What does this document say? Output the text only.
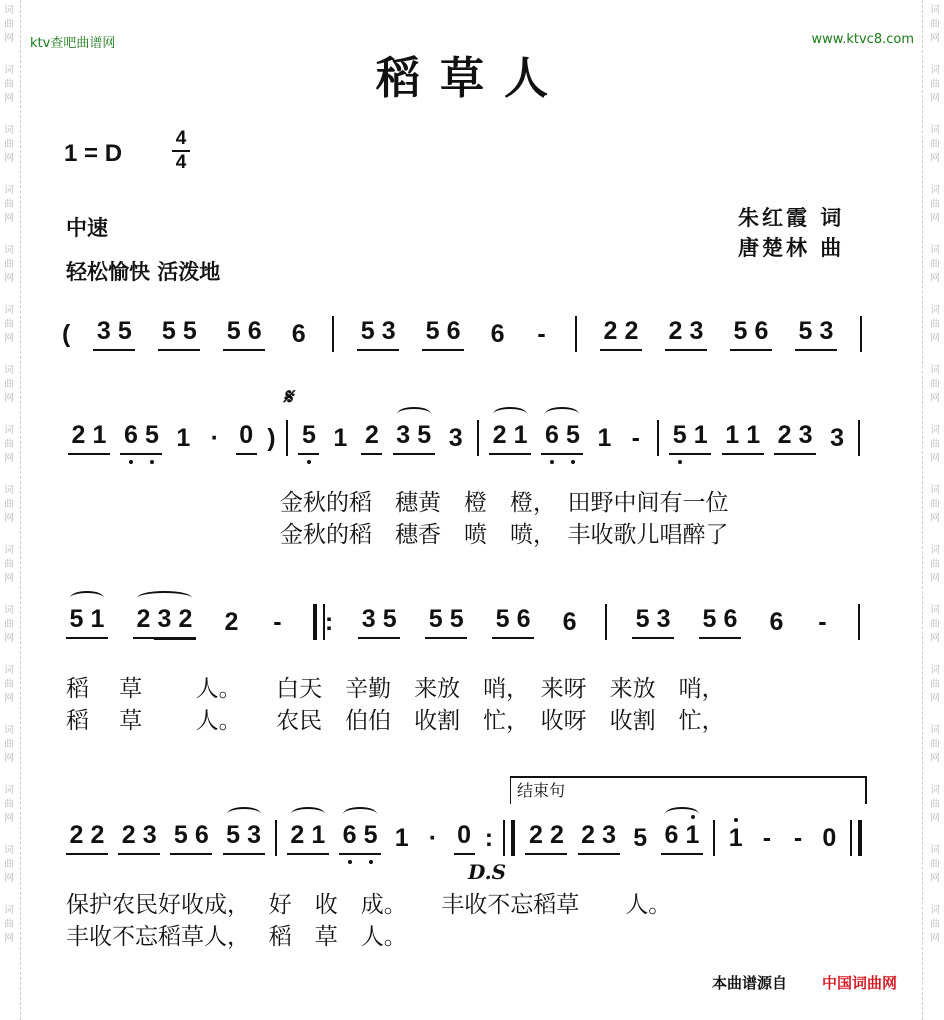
词
曲
网
词
曲
网
词
曲
网
词
曲
网
词
曲
网
词
曲
网
词
曲
网
词
曲
网
词
曲
网
词
曲
网
词
曲
网
词
曲
网
词
曲
网
词
曲
网
词
曲
网
词
曲
网
词
曲
网
词
曲
网
词
曲
网
词
曲
网
词
曲
网
词
曲
网
词
曲
网
词
曲
网
词
曲
网
词
曲
网
词
曲
网
词
曲
网
词
曲
网
词
曲
网
词
曲
网
词
曲
网
ktv查吧曲谱网	www.ktvc8.com
稻草人
1 = D
4
4
中速
轻松愉快 活泼地
朱红霞 词
唐楚林 曲
( 3 5 5 5 5 6 6 5 3 5 6 6 - 2 2 2 3 5 6 5 3
𝄋
2 1 6 5 1 · 0 ) 5 1 2 3 5 3 2 1 6 5 1 - 5 1 1 1 2 3 3
金秋的稻　穗黄　橙　橙，　田野中间有一位
金秋的稻　穗香　喷　喷，　丰收歌儿唱醉了
5 1 2 3 2 2 - : 3 5 5 5 5 6 6 5 3 5 6 6 -
稻　 草　　 人。　　白天　辛勤　来放　哨，　来呀　来放　哨，
稻　 草　　 人。　　农民　伯伯　收割　忙，　收呀　收割　忙，
结束句
2 2 2 3 5 6 5 3 2 1 6 5 1 · 0 : 2 2 2 3 5 6 1 1 - - 0
D.S
保护农民好收成，　 好　收　成。　　丰收不忘稻草　　人。
丰收不忘稻草人，　 稻　草　人。
本曲谱源自 中国词曲网
